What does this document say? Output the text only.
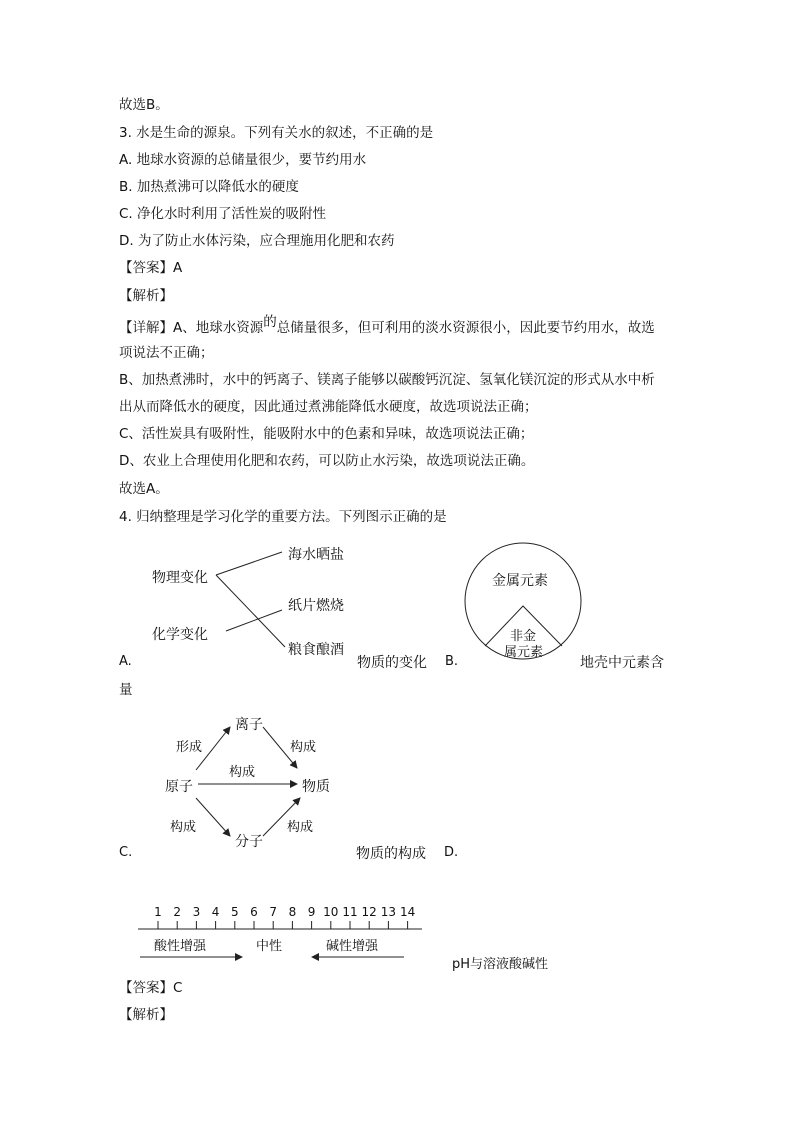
故选B。
3. 水是生命的源泉。下列有关水的叙述，不正确的是
A. 地球水资源的总储量很少，要节约用水
B. 加热煮沸可以降低水的硬度
C. 净化水时利用了活性炭的吸附性
D. 为了防止水体污染，应合理施用化肥和农药
【答案】A
【解析】
【详解】A、地球水资源的总储量很多，但可利用的淡水资源很小，因此要节约用水，故选
项说法不正确；
B、加热煮沸时，水中的钙离子、镁离子能够以碳酸钙沉淀、氢氧化镁沉淀的形式从水中析
出从而降低水的硬度，因此通过煮沸能降低水硬度，故选项说法正确；
C、活性炭具有吸附性，能吸附水中的色素和异味，故选项说法正确；
D、农业上合理使用化肥和农药，可以防止水污染，故选项说法正确。
故选A。
4. 归纳整理是学习化学的重要方法。下列图示正确的是
物理变化
化学变化
海水晒盐
纸片燃烧
粮食酿酒
A.	物质的变化
金属元素
非金
属元素
B.	地壳中元素含
量
离子
原子	物质
分子
形成	构成
构成
构成	构成
C.	物质的构成 D.
1 2 3 4 5 6 7 8 9 10 11 12 13 14
酸性增强	中性	碱性增强
pH与溶液酸碱性
【答案】C
【解析】
